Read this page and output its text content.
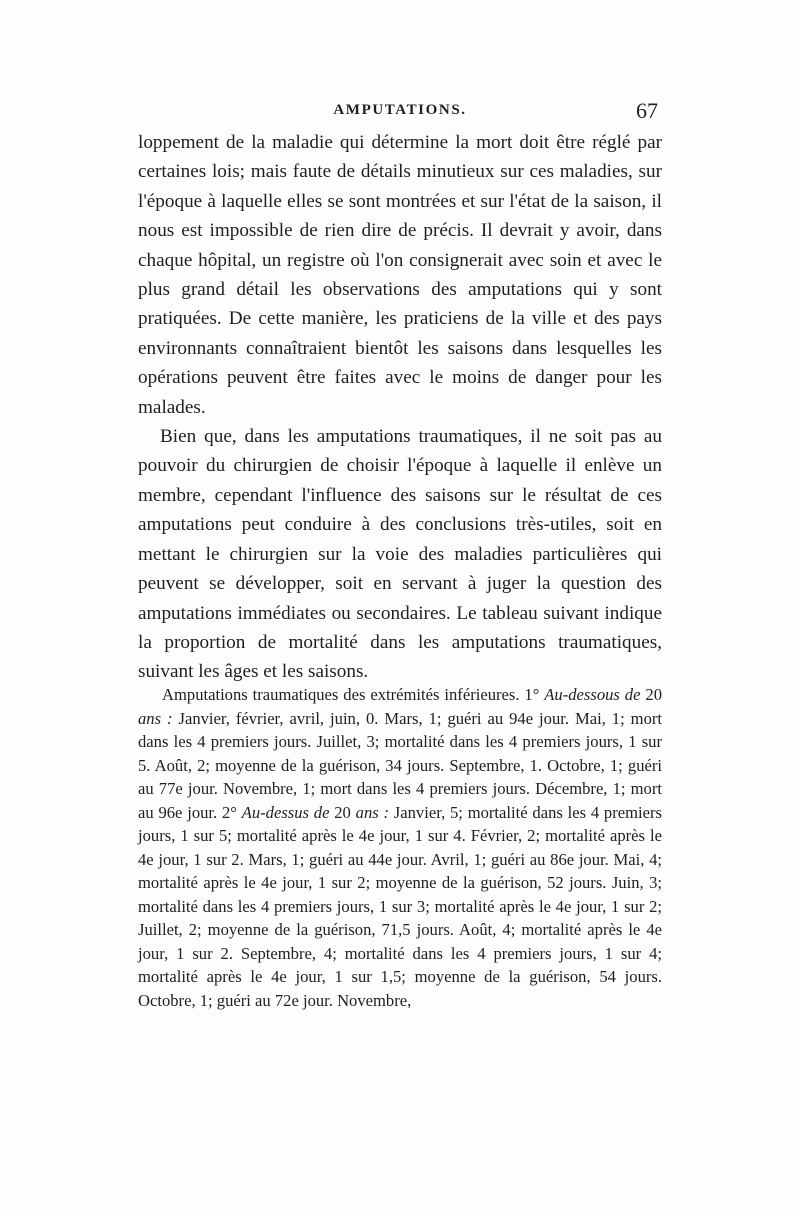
AMPUTATIONS.	67

loppement de la maladie qui détermine la mort doit être réglé par certaines lois; mais faute de détails minutieux sur ces maladies, sur l'époque à laquelle elles se sont montrées et sur l'état de la saison, il nous est impossible de rien dire de précis. Il devrait y avoir, dans chaque hôpital, un registre où l'on consignerait avec soin et avec le plus grand détail les observations des amputations qui y sont pratiquées. De cette manière, les praticiens de la ville et des pays environnants connaîtraient bientôt les saisons dans lesquelles les opérations peuvent être faites avec le moins de danger pour les malades.

Bien que, dans les amputations traumatiques, il ne soit pas au pouvoir du chirurgien de choisir l'époque à laquelle il enlève un membre, cependant l'influence des saisons sur le résultat de ces amputations peut conduire à des conclusions très-utiles, soit en mettant le chirurgien sur la voie des maladies particulières qui peuvent se développer, soit en servant à juger la question des amputations immédiates ou secondaires. Le tableau suivant indique la proportion de mortalité dans les amputations traumatiques, suivant les âges et les saisons.

Amputations traumatiques des extrémités inférieures. 1° Au-dessous de 20 ans : Janvier, février, avril, juin, 0. Mars, 1; guéri au 94e jour. Mai, 1; mort dans les 4 premiers jours. Juillet, 3; mortalité dans les 4 premiers jours, 1 sur 5. Août, 2; moyenne de la guérison, 34 jours. Septembre, 1. Octobre, 1; guéri au 77e jour. Novembre, 1; mort dans les 4 premiers jours. Décembre, 1; mort au 96e jour. 2° Au-dessus de 20 ans : Janvier, 5; mortalité dans les 4 premiers jours, 1 sur 5; mortalité après le 4e jour, 1 sur 4. Février, 2; mortalité après le 4e jour, 1 sur 2. Mars, 1; guéri au 44e jour. Avril, 1; guéri au 86e jour. Mai, 4; mortalité après le 4e jour, 1 sur 2; moyenne de la guérison, 52 jours. Juin, 3; mortalité dans les 4 premiers jours, 1 sur 3; mortalité après le 4e jour, 1 sur 2; Juillet, 2; moyenne de la guérison, 71,5 jours. Août, 4; mortalité après le 4e jour, 1 sur 2. Septembre, 4; mortalité dans les 4 premiers jours, 1 sur 4; mortalité après le 4e jour, 1 sur 1,5; moyenne de la guérison, 54 jours. Octobre, 1; guéri au 72e jour. Novembre,
